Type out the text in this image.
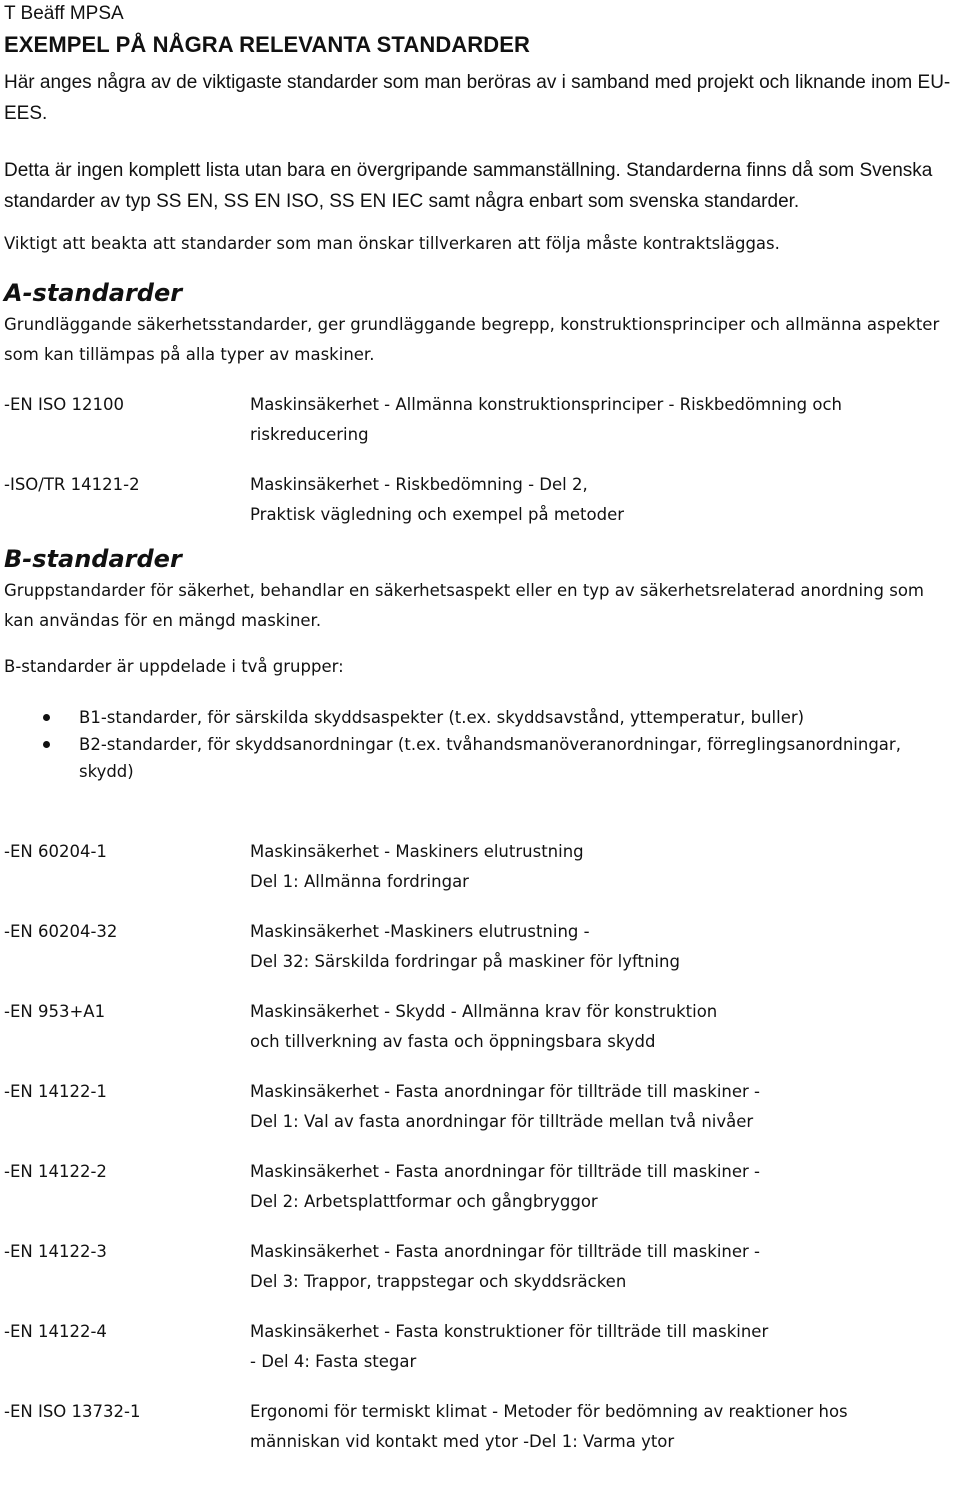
T Beäff MPSA
EXEMPEL PÅ NÅGRA RELEVANTA STANDARDER
Här anges några av de viktigaste standarder som man beröras av i samband med projekt och liknande inom EU-EES.
Detta är ingen komplett lista utan bara en övergripande sammanställning. Standarderna finns då som Svenska standarder av typ SS EN, SS EN ISO, SS EN IEC samt några enbart som svenska standarder.
Viktigt att beakta att standarder som man önskar tillverkaren att följa måste kontraktsläggas.
A-standarder
Grundläggande säkerhetsstandarder, ger grundläggande begrepp, konstruktionsprinciper och allmänna aspekter som kan tillämpas på alla typer av maskiner.
-EN ISO 12100	Maskinsäkerhet - Allmänna konstruktionsprinciper - Riskbedömning och riskreducering
-ISO/TR 14121-2	Maskinsäkerhet - Riskbedömning - Del 2,
Praktisk vägledning och exempel på metoder
B-standarder
Gruppstandarder för säkerhet, behandlar en säkerhetsaspekt eller en typ av säkerhetsrelaterad anordning som kan användas för en mängd maskiner.
B-standarder är uppdelade i två grupper:
B1-standarder, för särskilda skyddsaspekter (t.ex. skyddsavstånd, yttemperatur, buller)
B2-standarder, för skyddsanordningar (t.ex. tvåhandsmanöveranordningar, förreglingsanordningar, skydd)
-EN 60204-1	Maskinsäkerhet - Maskiners elutrustning
Del 1: Allmänna fordringar
-EN 60204-32	Maskinsäkerhet -Maskiners elutrustning -
Del 32: Särskilda fordringar på maskiner för lyftning
-EN 953+A1	Maskinsäkerhet - Skydd - Allmänna krav för konstruktion
och tillverkning av fasta och öppningsbara skydd
-EN 14122-1	Maskinsäkerhet - Fasta anordningar för tillträde till maskiner -
Del 1: Val av fasta anordningar för tillträde mellan två nivåer
-EN 14122-2	Maskinsäkerhet - Fasta anordningar för tillträde till maskiner -
Del 2: Arbetsplattformar och gångbryggor
-EN 14122-3	Maskinsäkerhet - Fasta anordningar för tillträde till maskiner -
Del 3: Trappor, trappstegar och skyddsräcken
-EN 14122-4	Maskinsäkerhet - Fasta konstruktioner för tillträde till maskiner
- Del 4: Fasta stegar
-EN ISO 13732-1	Ergonomi för termiskt klimat - Metoder för bedömning av reaktioner hos
människan vid kontakt med ytor -Del 1: Varma ytor
